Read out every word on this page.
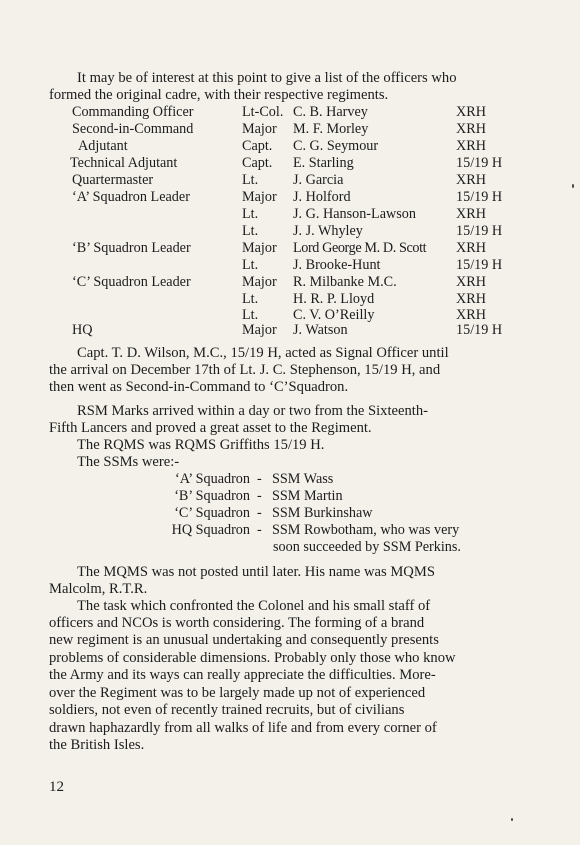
It may be of interest at this point to give a list of the officers who
formed the original cadre, with their respective regiments.
Commanding Officer	Lt-Col. C. B. Harvey	XRH
Second-in-Command	Major M. F. Morley	XRH
Adjutant	Capt. C. G. Seymour	XRH
Technical Adjutant	Capt. E. Starling	15/19 H
Quartermaster	Lt. J. Garcia	XRH
‘A’ Squadron Leader	Major J. Holford	15/19 H
Lt. J. G. Hanson-Lawson	XRH
Lt. J. J. Whyley	15/19 H
‘B’ Squadron Leader	Major Lord George M. D. Scott XRH
Lt. J. Brooke-Hunt	15/19 H
‘C’ Squadron Leader	Major R. Milbanke M.C.	XRH
Lt. H. R. P. Lloyd	XRH
Lt. C. V. O’Reilly	XRH
HQ	Major J. Watson	15/19 H
Capt. T. D. Wilson, M.C., 15/19 H, acted as Signal Officer until
the arrival on December 17th of Lt. J. C. Stephenson, 15/19 H, and
then went as Second-in-Command to ‘C’Squadron.
RSM Marks arrived within a day or two from the Sixteenth-
Fifth Lancers and proved a great asset to the Regiment.
The RQMS was RQMS Griffiths 15/19 H.
The SSMs were:-
‘A’ Squadron - SSM Wass
‘B’ Squadron - SSM Martin
‘C’ Squadron - SSM Burkinshaw
HQ Squadron - SSM Rowbotham, who was very
soon succeeded by SSM Perkins.
The MQMS was not posted until later. His name was MQMS
Malcolm, R.T.R.
The task which confronted the Colonel and his small staff of
officers and NCOs is worth considering. The forming of a brand
new regiment is an unusual undertaking and consequently presents
problems of considerable dimensions. Probably only those who know
the Army and its ways can really appreciate the difficulties. More-
over the Regiment was to be largely made up not of experienced
soldiers, not even of recently trained recruits, but of civilians
drawn haphazardly from all walks of life and from every corner of
the British Isles.
12
